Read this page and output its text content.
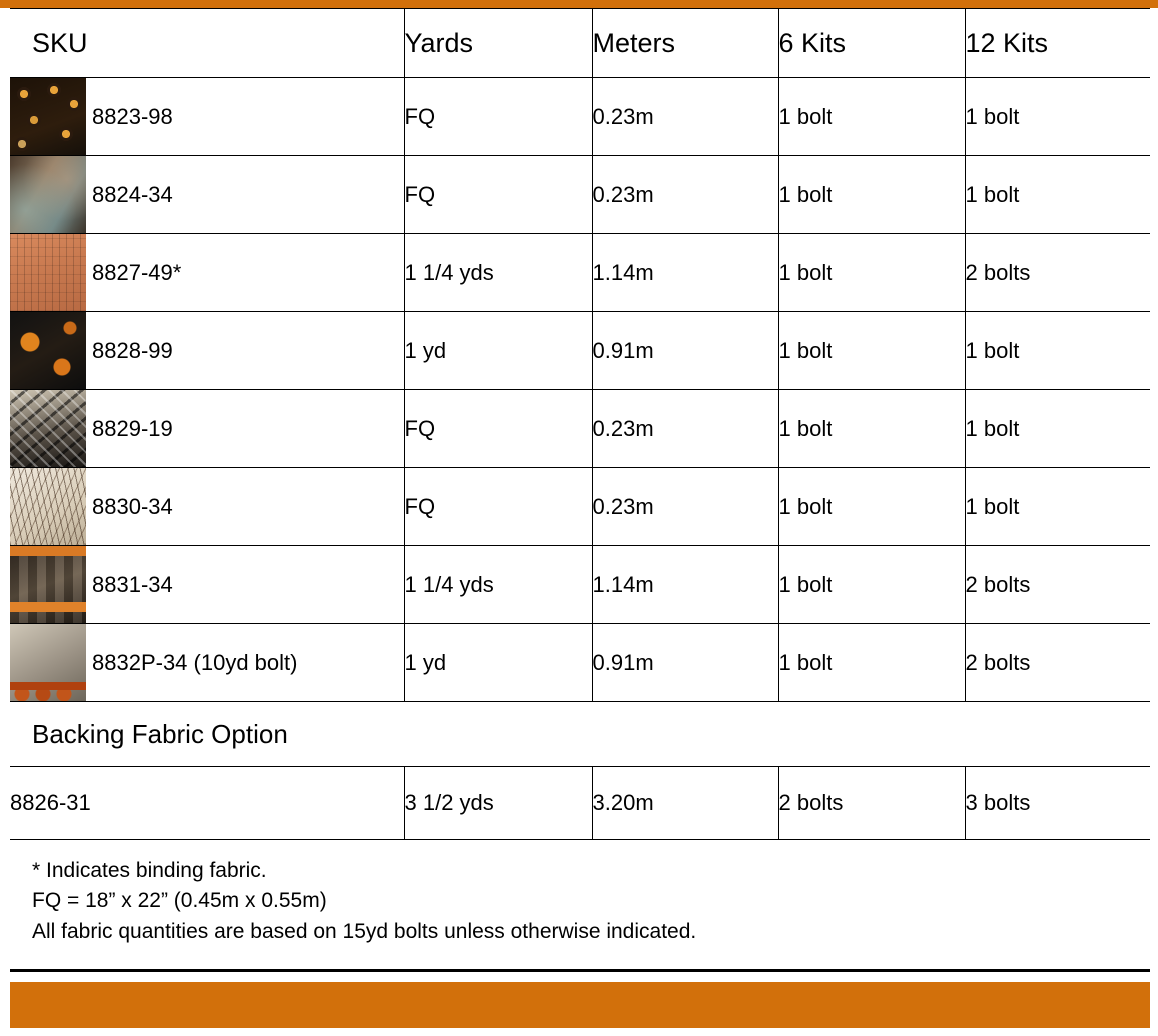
SKU		Yards	Meters	6 Kits	12 Kits

	8823-98	FQ	0.23m	1 bolt	1 bolt

	8824-34	FQ	0.23m	1 bolt	1 bolt

	8827-49*	1 1/4 yds	1.14m	1 bolt	2 bolts

	8828-99	1 yd	0.91m	1 bolt	1 bolt

	8829-19	FQ	0.23m	1 bolt	1 bolt

	8830-34	FQ	0.23m	1 bolt	1 bolt

	8831-34	1 1/4 yds	1.14m	1 bolt	2 bolts

	8832P-34 (10yd bolt)	1 yd	0.91m	1 bolt	2 bolts
Backing Fabric Option					
8826-31		3 1/2 yds	3.20m	2 bolts	3 bolts

* Indicates binding fabric.
FQ = 18” x 22” (0.45m x 0.55m)
All fabric quantities are based on 15yd bolts unless otherwise indicated.					
